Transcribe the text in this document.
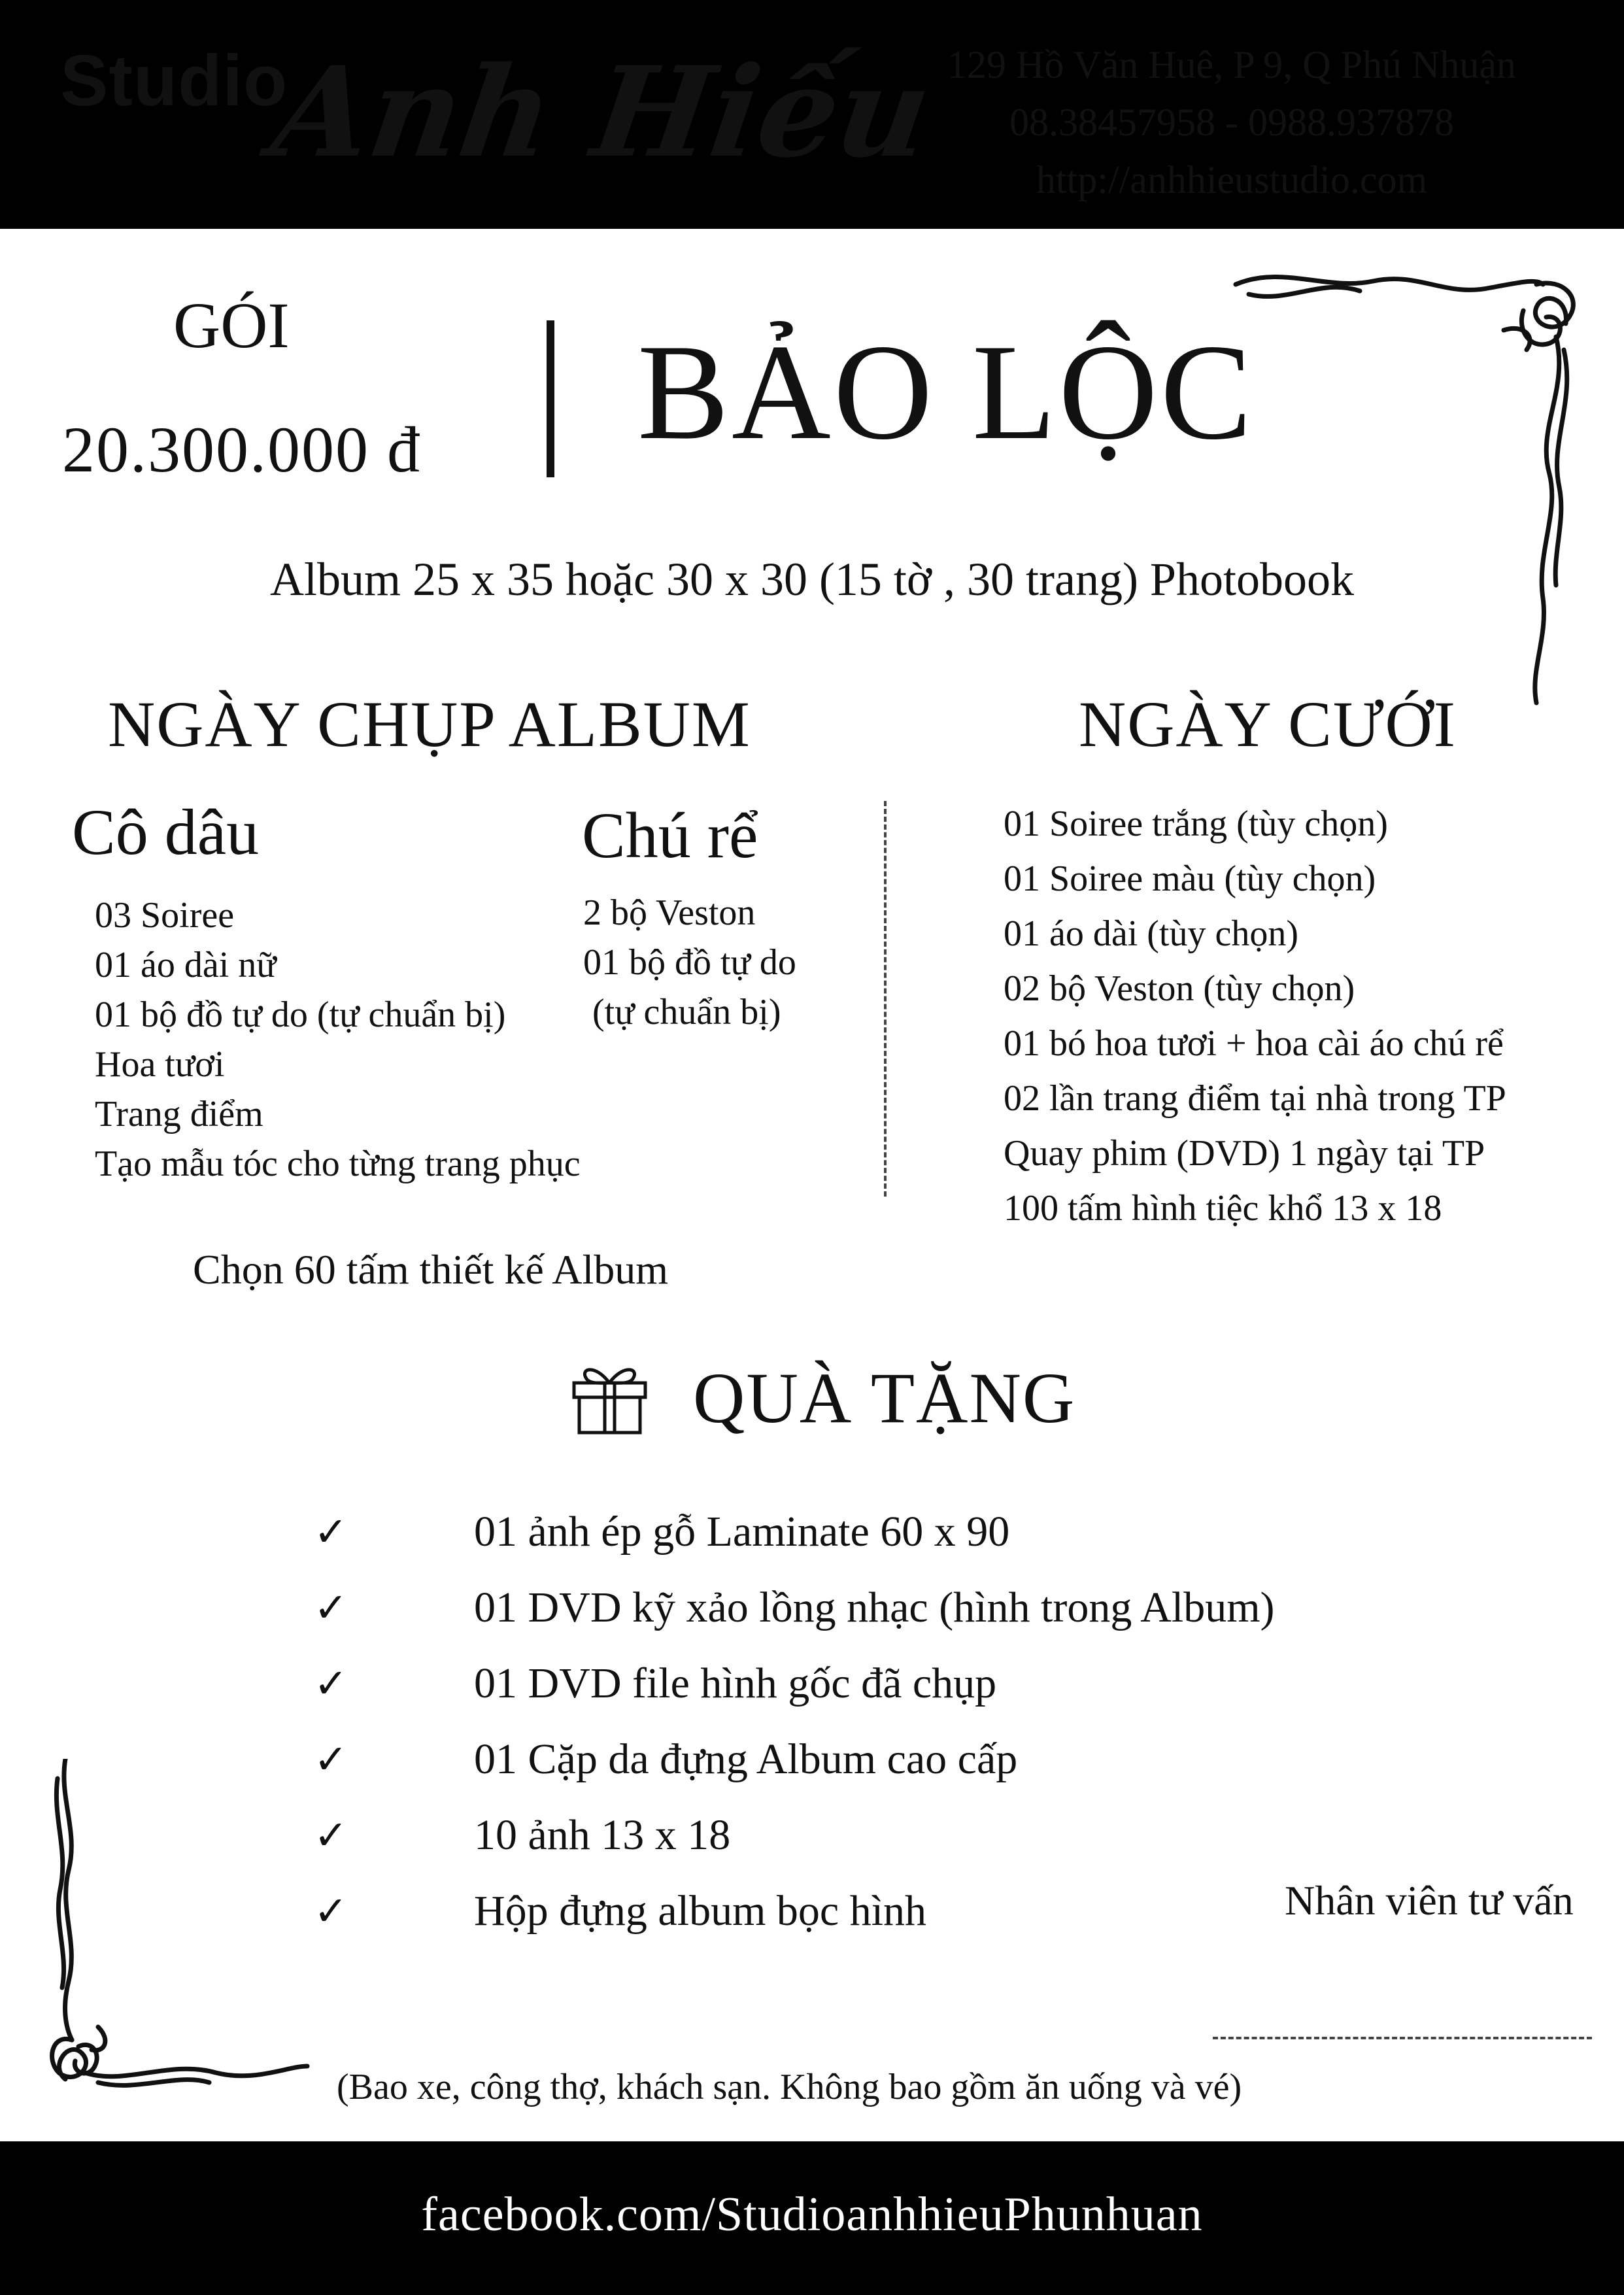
Studio
Anh Hiếu 129 Hồ Văn Huê, P 9, Q Phú Nhuận
08.38457958 - 0988.937878
http://anhhieustudio.com
GÓI
20.300.000 đ BẢO LỘC
Album 25 x 35 hoặc 30 x 30 (15 tờ , 30 trang) Photobook
NGÀY CHỤP ALBUM	NGÀY CƯỚI
Cô dâu	Chú rể
03 Soiree
01 áo dài nữ
01 bộ đồ tự do (tự chuẩn bị)
Hoa tươi
Trang điểm
Tạo mẫu tóc cho từng trang phục
2 bộ Veston
01 bộ đồ tự do
(tự chuẩn bị)
01 Soiree trắng (tùy chọn)
01 Soiree màu (tùy chọn)
01 áo dài (tùy chọn)
02 bộ Veston (tùy chọn)
01 bó hoa tươi + hoa cài áo chú rể
02 lần trang điểm tại nhà trong TP
Quay phim (DVD) 1 ngày tại TP
100 tấm hình tiệc khổ 13 x 18
Chọn 60 tấm thiết kế Album
QUÀ TẶNG
✓	01 ảnh ép gỗ Laminate 60 x 90
✓	01 DVD kỹ xảo lồng nhạc (hình trong Album)
✓	01 DVD file hình gốc đã chụp
✓	01 Cặp da đựng Album cao cấp
✓	10 ảnh 13 x 18
✓	Hộp đựng album bọc hình	Nhân viên tư vấn
(Bao xe, công thợ, khách sạn. Không bao gồm ăn uống và vé)
facebook.com/StudioanhhieuPhunhuan
